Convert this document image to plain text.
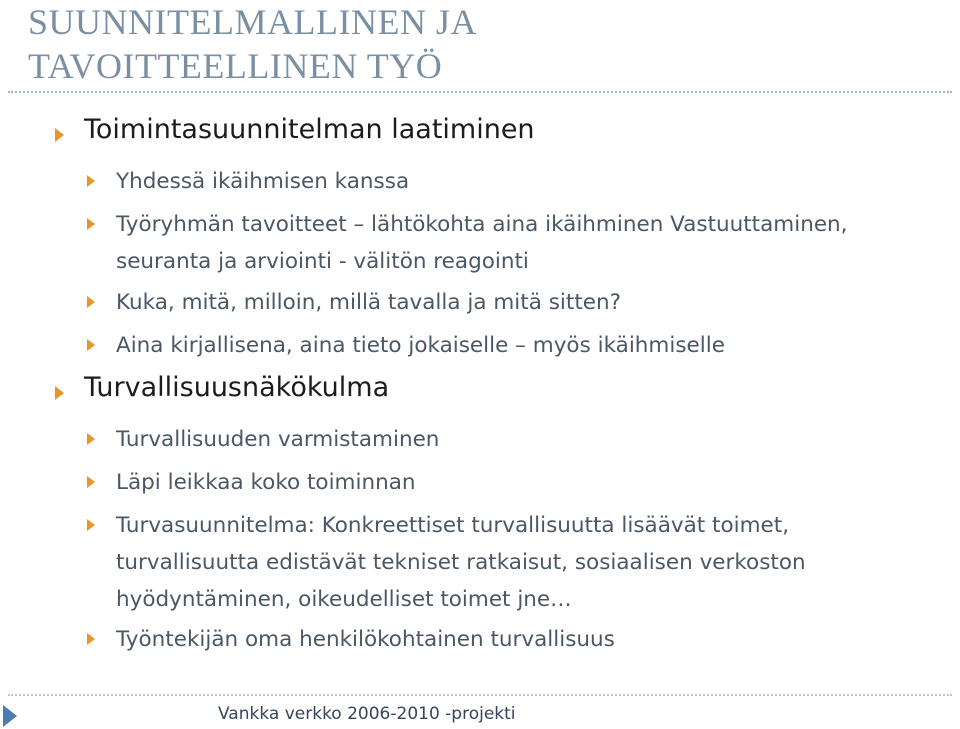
SUUNNITELMALLINEN JA
TAVOITTEELLINEN TYÖ
Toimintasuunnitelman laatiminen
Yhdessä ikäihmisen kanssa
Työryhmän tavoitteet – lähtökohta aina ikäihminen Vastuuttaminen, seuranta ja arviointi - välitön reagointi
Kuka, mitä, milloin, millä tavalla ja mitä sitten?
Aina kirjallisena, aina tieto jokaiselle – myös ikäihmiselle
Turvallisuusnäkökulma
Turvallisuuden varmistaminen
Läpi leikkaa koko toiminnan
Turvasuunnitelma: Konkreettiset turvallisuutta lisäävät toimet, turvallisuutta edistävät tekniset ratkaisut, sosiaalisen verkoston hyödyntäminen, oikeudelliset toimet jne…
Työntekijän oma henkilökohtainen turvallisuus
Vankka verkko 2006-2010 -projekti
